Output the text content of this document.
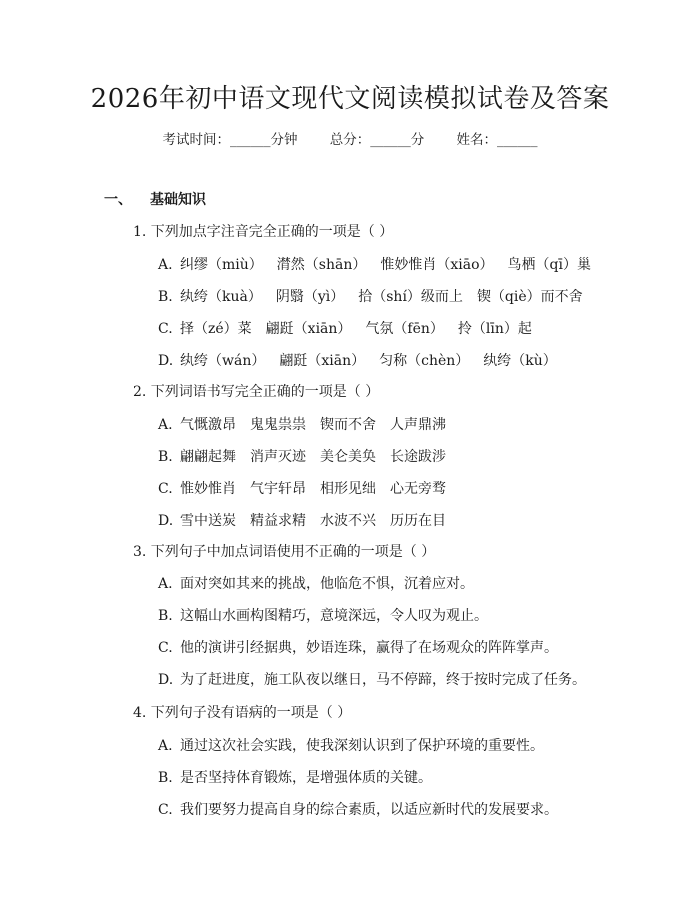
2026年初中语文现代文阅读模拟试卷及答案
考试时间：______分钟 总分：______分 姓名：______
一、 基础知识
1. 下列加点字注音完全正确的一项是（ ）
A. 纠缪（miù） 潸然（shān） 惟妙惟肖（xiāo） 鸟栖（qī）巢
B. 纨绔（kuà） 阴翳（yì） 拾（shí）级而上 锲（qiè）而不舍
C. 择（zé）菜 翩跹（xiān） 气氛（fēn） 拎（līn）起
D. 纨绔（wán） 翩跹（xiān） 匀称（chèn） 纨绔（kù）
2. 下列词语书写完全正确的一项是（ ）
A. 气慨激昂 鬼鬼祟祟 锲而不舍 人声鼎沸
B. 翩翩起舞 消声灭迹 美仑美奂 长途跋涉
C. 惟妙惟肖 气宇轩昂 相形见绌 心无旁骛
D. 雪中送炭 精益求精 水波不兴 历历在目
3. 下列句子中加点词语使用不正确的一项是（ ）
A. 面对突如其来的挑战，他临危不惧，沉着应对。
B. 这幅山水画构图精巧，意境深远，令人叹为观止。
C. 他的演讲引经据典，妙语连珠，赢得了在场观众的阵阵掌声。
D. 为了赶进度，施工队夜以继日，马不停蹄，终于按时完成了任务。
4. 下列句子没有语病的一项是（ ）
A. 通过这次社会实践，使我深刻认识到了保护环境的重要性。
B. 是否坚持体育锻炼，是增强体质的关键。
C. 我们要努力提高自身的综合素质，以适应新时代的发展要求。
